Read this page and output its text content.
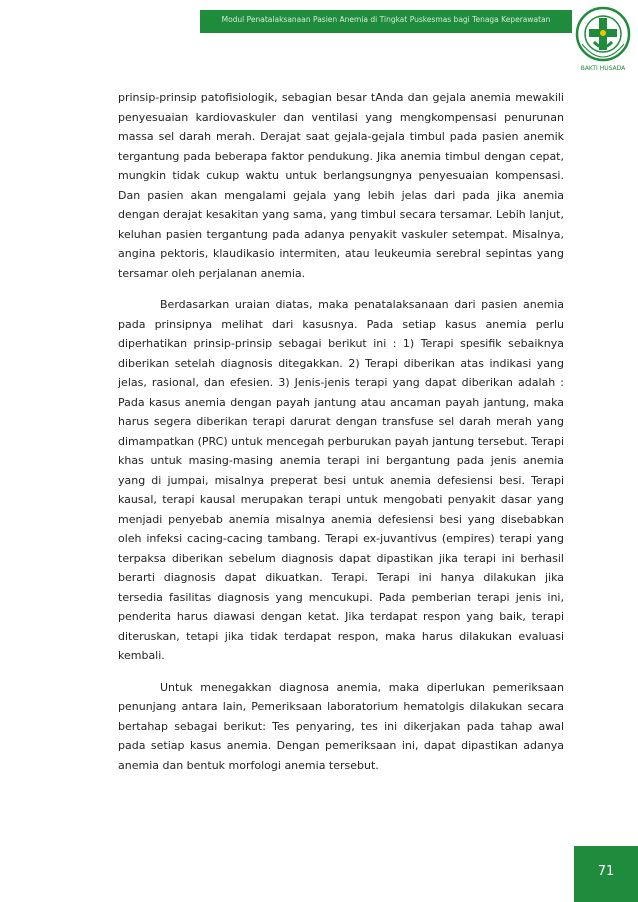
Modul Penatalaksanaan Pasien Anemia di Tingkat Puskesmas bagi Tenaga Keperawatan
BAKTI HUSADA

prinsip-prinsip patofisiologik, sebagian besar tAnda dan gejala anemia mewakili penyesuaian kardiovaskuler dan ventilasi yang mengkompensasi penurunan massa sel darah merah. Derajat saat gejala-gejala timbul pada pasien anemik tergantung pada beberapa faktor pendukung. Jika anemia timbul dengan cepat, mungkin tidak cukup waktu untuk berlangsungnya penyesuaian kompensasi. Dan pasien akan mengalami gejala yang lebih jelas dari pada jika anemia dengan derajat kesakitan yang sama, yang timbul secara tersamar. Lebih lanjut, keluhan pasien tergantung pada adanya penyakit vaskuler setempat. Misalnya, angina pektoris, klaudikasio intermiten, atau leukeumia serebral sepintas yang tersamar oleh perjalanan anemia.

Berdasarkan uraian diatas, maka penatalaksanaan dari pasien anemia pada prinsipnya melihat dari kasusnya. Pada setiap kasus anemia perlu diperhatikan prinsip-prinsip sebagai berikut ini : 1) Terapi spesifik sebaiknya diberikan setelah diagnosis ditegakkan. 2) Terapi diberikan atas indikasi yang jelas, rasional, dan efesien. 3) Jenis-jenis terapi yang dapat diberikan adalah : Pada kasus anemia dengan payah jantung atau ancaman payah jantung, maka harus segera diberikan terapi darurat dengan transfuse sel darah merah yang dimampatkan (PRC) untuk mencegah perburukan payah jantung tersebut. Terapi khas untuk masing-masing anemia terapi ini bergantung pada jenis anemia yang di jumpai, misalnya preperat besi untuk anemia defesiensi besi. Terapi kausal, terapi kausal merupakan terapi untuk mengobati penyakit dasar yang menjadi penyebab anemia misalnya anemia defesiensi besi yang disebabkan oleh infeksi cacing-cacing tambang. Terapi ex-juvantivus (empires) terapi yang terpaksa diberikan sebelum diagnosis dapat dipastikan jika terapi ini berhasil berarti diagnosis dapat dikuatkan. Terapi. Terapi ini hanya dilakukan jika tersedia fasilitas diagnosis yang mencukupi. Pada pemberian terapi jenis ini, penderita harus diawasi dengan ketat. Jika terdapat respon yang baik, terapi diteruskan, tetapi jika tidak terdapat respon, maka harus dilakukan evaluasi kembali.

Untuk menegakkan diagnosa anemia, maka diperlukan pemeriksaan penunjang antara lain, Pemeriksaan laboratorium hematolgis dilakukan secara bertahap sebagai berikut: Tes penyaring, tes ini dikerjakan pada tahap awal pada setiap kasus anemia. Dengan pemeriksaan ini, dapat dipastikan adanya anemia dan bentuk morfologi anemia tersebut.

71
